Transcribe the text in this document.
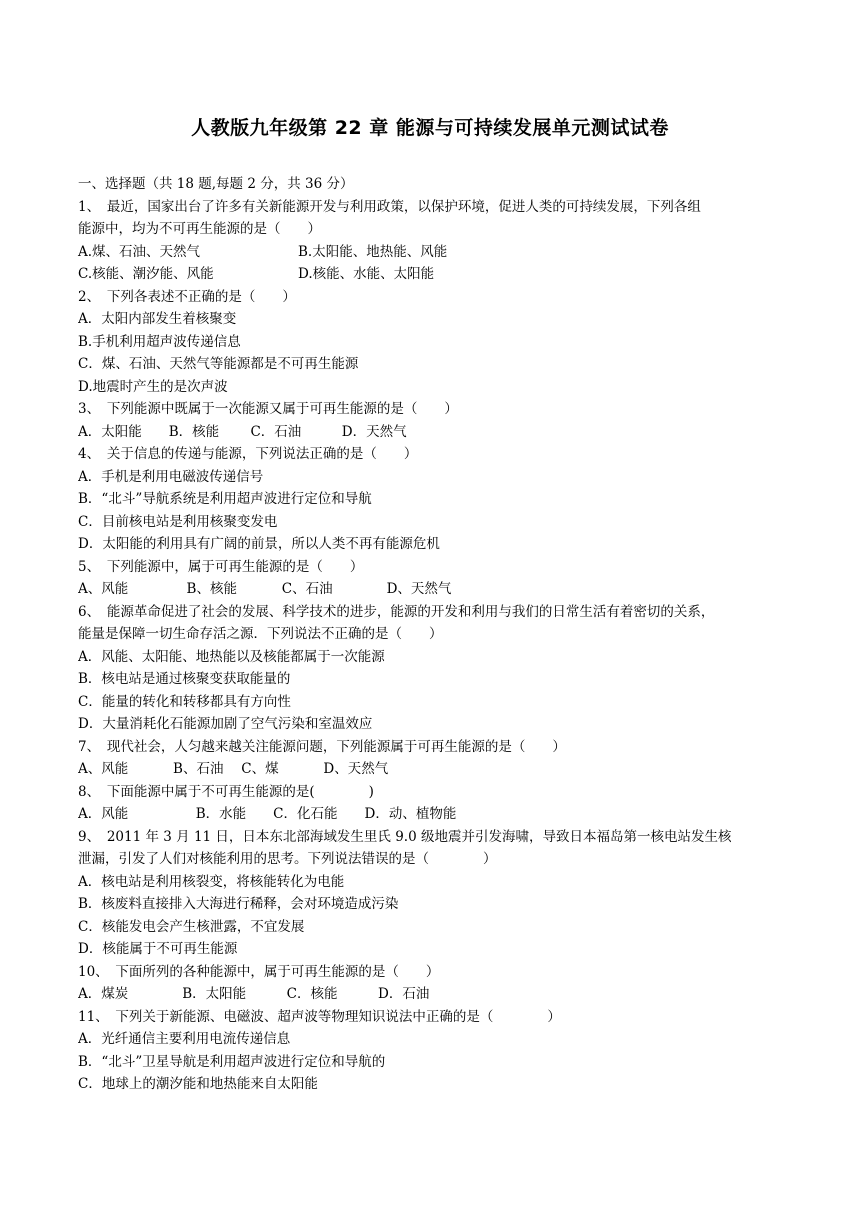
人教版九年级第 22 章 能源与可持续发展单元测试试卷
一、选择题（共 18 题,每题 2 分，共 36 分）
1、　最近，国家出台了许多有关新能源开发与利用政策，以保护环境，促进人类的可持续发展，下列各组
能源中，均为不可再生能源的是（　　）
A.煤、石油、天然气	B.太阳能、地热能、风能
C.核能、潮汐能、风能	D.核能、水能、太阳能
2、　下列各表述不正确的是（　　）
A．太阳内部发生着核聚变
B.手机利用超声波传递信息
C．煤、石油、天然气等能源都是不可再生能源
D.地震时产生的是次声波
3、　下列能源中既属于一次能源又属于可再生能源的是（　　）
A．太阳能　　B．核能　　 C．石油　　　D．天然气
4、　关于信息的传递与能源，下列说法正确的是（　　）
A．手机是利用电磁波传递信号
B．“北斗”导航系统是利用超声波进行定位和导航
C．目前核电站是利用核聚变发电
D．太阳能的利用具有广阔的前景，所以人类不再有能源危机
5、　下列能源中，属于可再生能源的是（　　）
A、风能　　　　 B、核能　　　 C、石油　　　　D、天然气
6、　能源革命促进了社会的发展、科学技术的进步，能源的开发和利用与我们的日常生活有着密切的关系，
能量是保障一切生命存活之源．下列说法不正确的是（　　）
A．风能、太阳能、地热能以及核能都属于一次能源
B．核电站是通过核聚变获取能量的
C．能量的转化和转移都具有方向性
D．大量消耗化石能源加剧了空气污染和室温效应
7、　现代社会，人匀越来越关注能源问题，下列能源属于可再生能源的是（　　）
A、风能　　　 B、石油　 C、煤　　　 D、天然气
8、　下面能源中属于不可再生能源的是(　　　　)
A．风能　　　　　B．水能　　C．化石能　　D．动、植物能
9、　2011 年 3 月 11 日，日本东北部海域发生里氏 9.0 级地震并引发海啸，导致日本福岛第一核电站发生核
泄漏，引发了人们对核能利用的思考。下列说法错误的是（　　　　）
A．核电站是利用核裂变，将核能转化为电能
B．核废料直接排入大海进行稀释，会对环境造成污染
C．核能发电会产生核泄露，不宜发展
D．核能属于不可再生能源
10、　下面所列的各种能源中，属于可再生能源的是（　　）
A．煤炭　　　　B．太阳能　　　C．核能　　　D．石油
11、　下列关于新能源、电磁波、超声波等物理知识说法中正确的是（　　　　）
A．光纤通信主要利用电流传递信息
B．“北斗”卫星导航是利用超声波进行定位和导航的
C．地球上的潮汐能和地热能来自太阳能
